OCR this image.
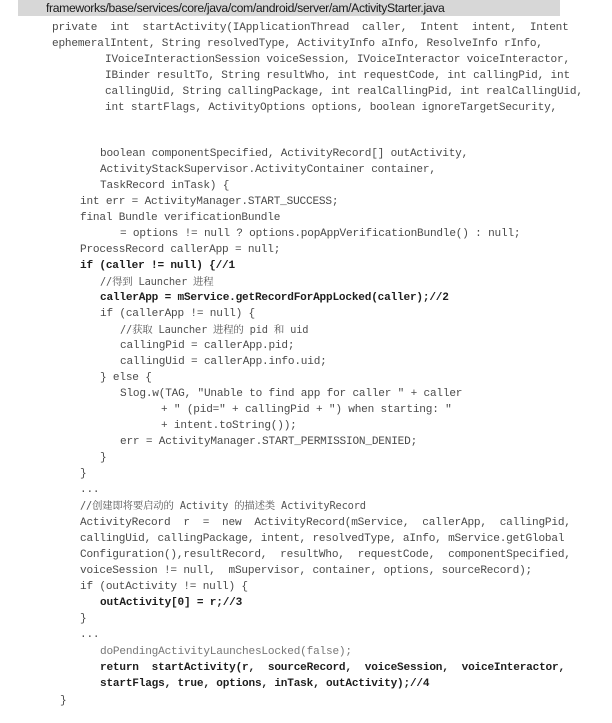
frameworks/base/services/core/java/com/android/server/am/ActivityStarter.java
private  int  startActivity(IApplicationThread  caller,  Intent  intent,  Intent
ephemeralIntent, String resolvedType, ActivityInfo aInfo, ResolveInfo rInfo,
IVoiceInteractionSession voiceSession, IVoiceInteractor voiceInteractor,
IBinder resultTo, String resultWho, int requestCode, int callingPid, int
callingUid, String callingPackage, int realCallingPid, int realCallingUid,
int startFlags, ActivityOptions options, boolean ignoreTargetSecurity,
boolean componentSpecified, ActivityRecord[] outActivity,
ActivityStackSupervisor.ActivityContainer container,
TaskRecord inTask) {
int err = ActivityManager.START_SUCCESS;
final Bundle verificationBundle
= options != null ? options.popAppVerificationBundle() : null;
ProcessRecord callerApp = null;
if (caller != null) {//1
//得到 Launcher 进程
callerApp = mService.getRecordForAppLocked(caller);//2
if (callerApp != null) {
//获取 Launcher 进程的 pid 和 uid
callingPid = callerApp.pid;
callingUid = callerApp.info.uid;
} else {
Slog.w(TAG, "Unable to find app for caller " + caller
+ " (pid=" + callingPid + ") when starting: "
+ intent.toString());
err = ActivityManager.START_PERMISSION_DENIED;
}
}
...
//创建即将要启动的 Activity 的描述类 ActivityRecord
ActivityRecord  r  =  new  ActivityRecord(mService,  callerApp,  callingPid,
callingUid, callingPackage, intent, resolvedType, aInfo, mService.getGlobal
Configuration(),resultRecord,  resultWho,  requestCode,  componentSpecified,
voiceSession != null,  mSupervisor, container, options, sourceRecord);
if (outActivity != null) {
outActivity[0] = r;//3
}
...
doPendingActivityLaunchesLocked(false);
return  startActivity(r,  sourceRecord,  voiceSession,  voiceInteractor,
startFlags, true, options, inTask, outActivity);//4
}
